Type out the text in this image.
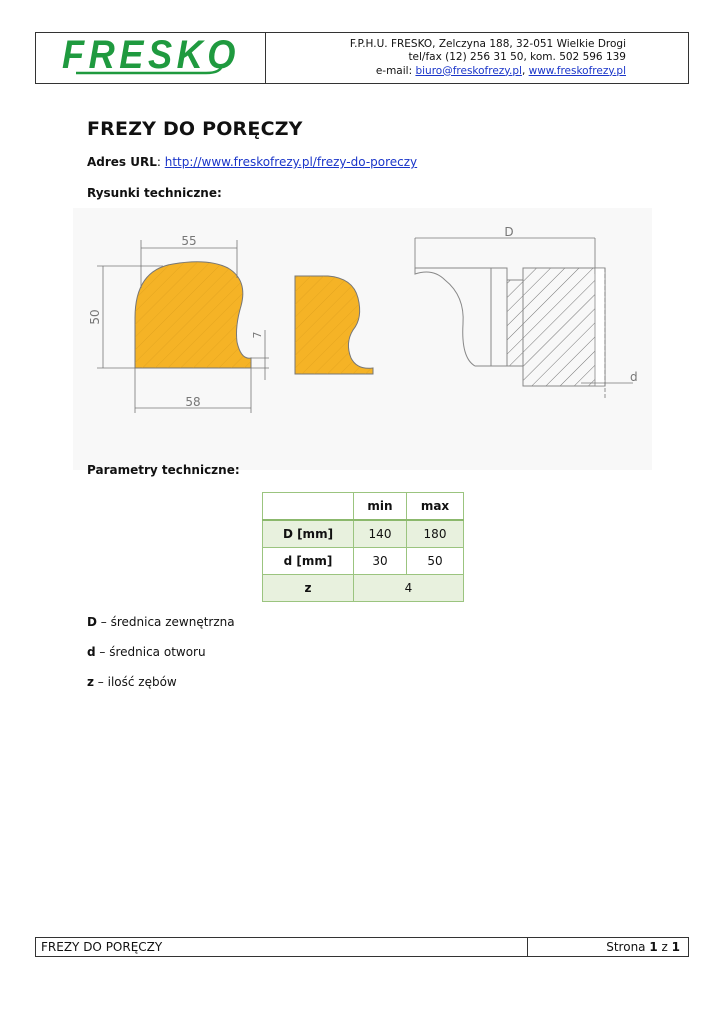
FRESKO	F.P.H.U. FRESKO, Zelczyna 188, 32-051 Wielkie Drogi
tel/fax (12) 256 31 50, kom. 502 596 139
e-mail: biuro@freskofrezy.pl, www.freskofrezy.pl
FREZY DO PORĘCZY
Adres URL: http://www.freskofrezy.pl/frezy-do-poreczy
Rysunki techniczne:
55
50
58
7
D
d
Parametry techniczne:
	min	max
D [mm]	140	180
d [mm]	30	50
z	4	
D – średnica zewnętrzna
d – średnica otworu
z – ilość zębów
FREZY DO PORĘCZY	Strona 1 z 1
